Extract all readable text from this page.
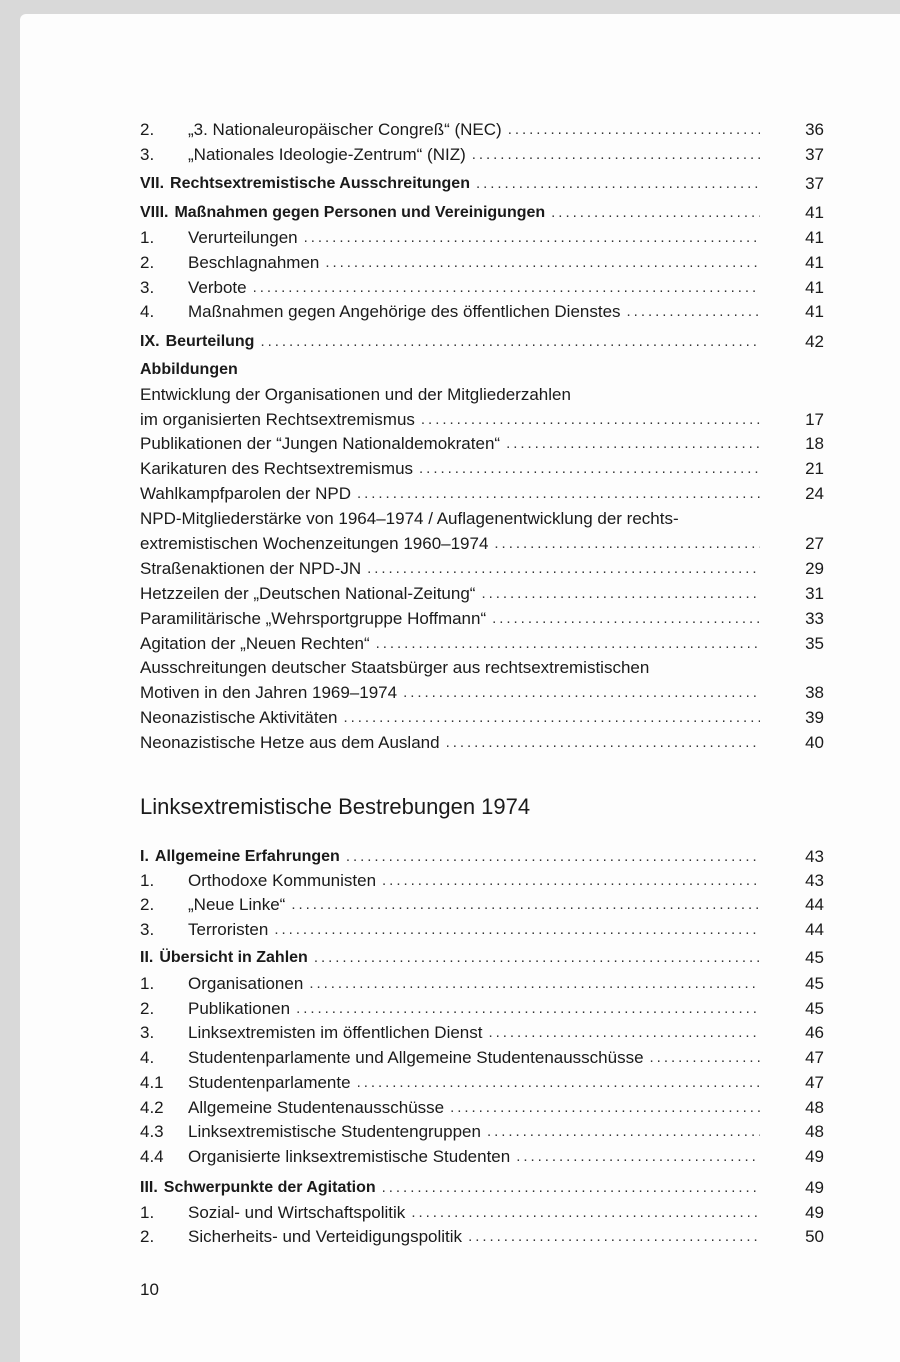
2.	„3. Nationaleuropäischer Congreß“ (NEC) . . .	36
3.	„Nationales Ideologie-Zentrum“ (NIZ) . . .	37
VII. Rechtsextremistische Ausschreitungen . . .	37
VIII. Maßnahmen gegen Personen und Vereinigungen . . .	41
1.	Verurteilungen . . .	41
2.	Beschlagnahmen . . .	41
3.	Verbote . . .	41
4.	Maßnahmen gegen Angehörige des öffentlichen Dienstes . . .	41
IX. Beurteilung . . .	42
Abbildungen
Entwicklung der Organisationen und der Mitgliederzahlen
im organisierten Rechtsextremismus . . .	17
Publikationen der “Jungen Nationaldemokraten“ . . .	18
Karikaturen des Rechtsextremismus . . .	21
Wahlkampfparolen der NPD . . .	24
NPD-Mitgliederstärke von 1964–1974 / Auflagenentwicklung der rechts-
extremistischen Wochenzeitungen 1960–1974 . . .	27
Straßenaktionen der NPD-JN . . .	29
Hetzzeilen der „Deutschen National-Zeitung“ . . .	31
Paramilitärische „Wehrsportgruppe Hoffmann“ . . .	33
Agitation der „Neuen Rechten“ . . .	35
Ausschreitungen deutscher Staatsbürger aus rechtsextremistischen
Motiven in den Jahren 1969–1974 . . .	38
Neonazistische Aktivitäten . . .	39
Neonazistische Hetze aus dem Ausland . . .	40
Linksextremistische Bestrebungen 1974
I. Allgemeine Erfahrungen . . .	43
1.	Orthodoxe Kommunisten . . .	43
2.	„Neue Linke“ . . .	44
3.	Terroristen . . .	44
II. Übersicht in Zahlen . . .	45
1.	Organisationen . . .	45
2.	Publikationen . . .	45
3.	Linksextremisten im öffentlichen Dienst . . .	46
4.	Studentenparlamente und Allgemeine Studentenausschüsse . . .	47
4.1	Studentenparlamente . . .	47
4.2	Allgemeine Studentenausschüsse . . .	48
4.3	Linksextremistische Studentengruppen . . .	48
4.4	Organisierte linksextremistische Studenten . . .	49
III. Schwerpunkte der Agitation . . .	49
1.	Sozial- und Wirtschaftspolitik . . .	49
2.	Sicherheits- und Verteidigungspolitik . . .	50
10
